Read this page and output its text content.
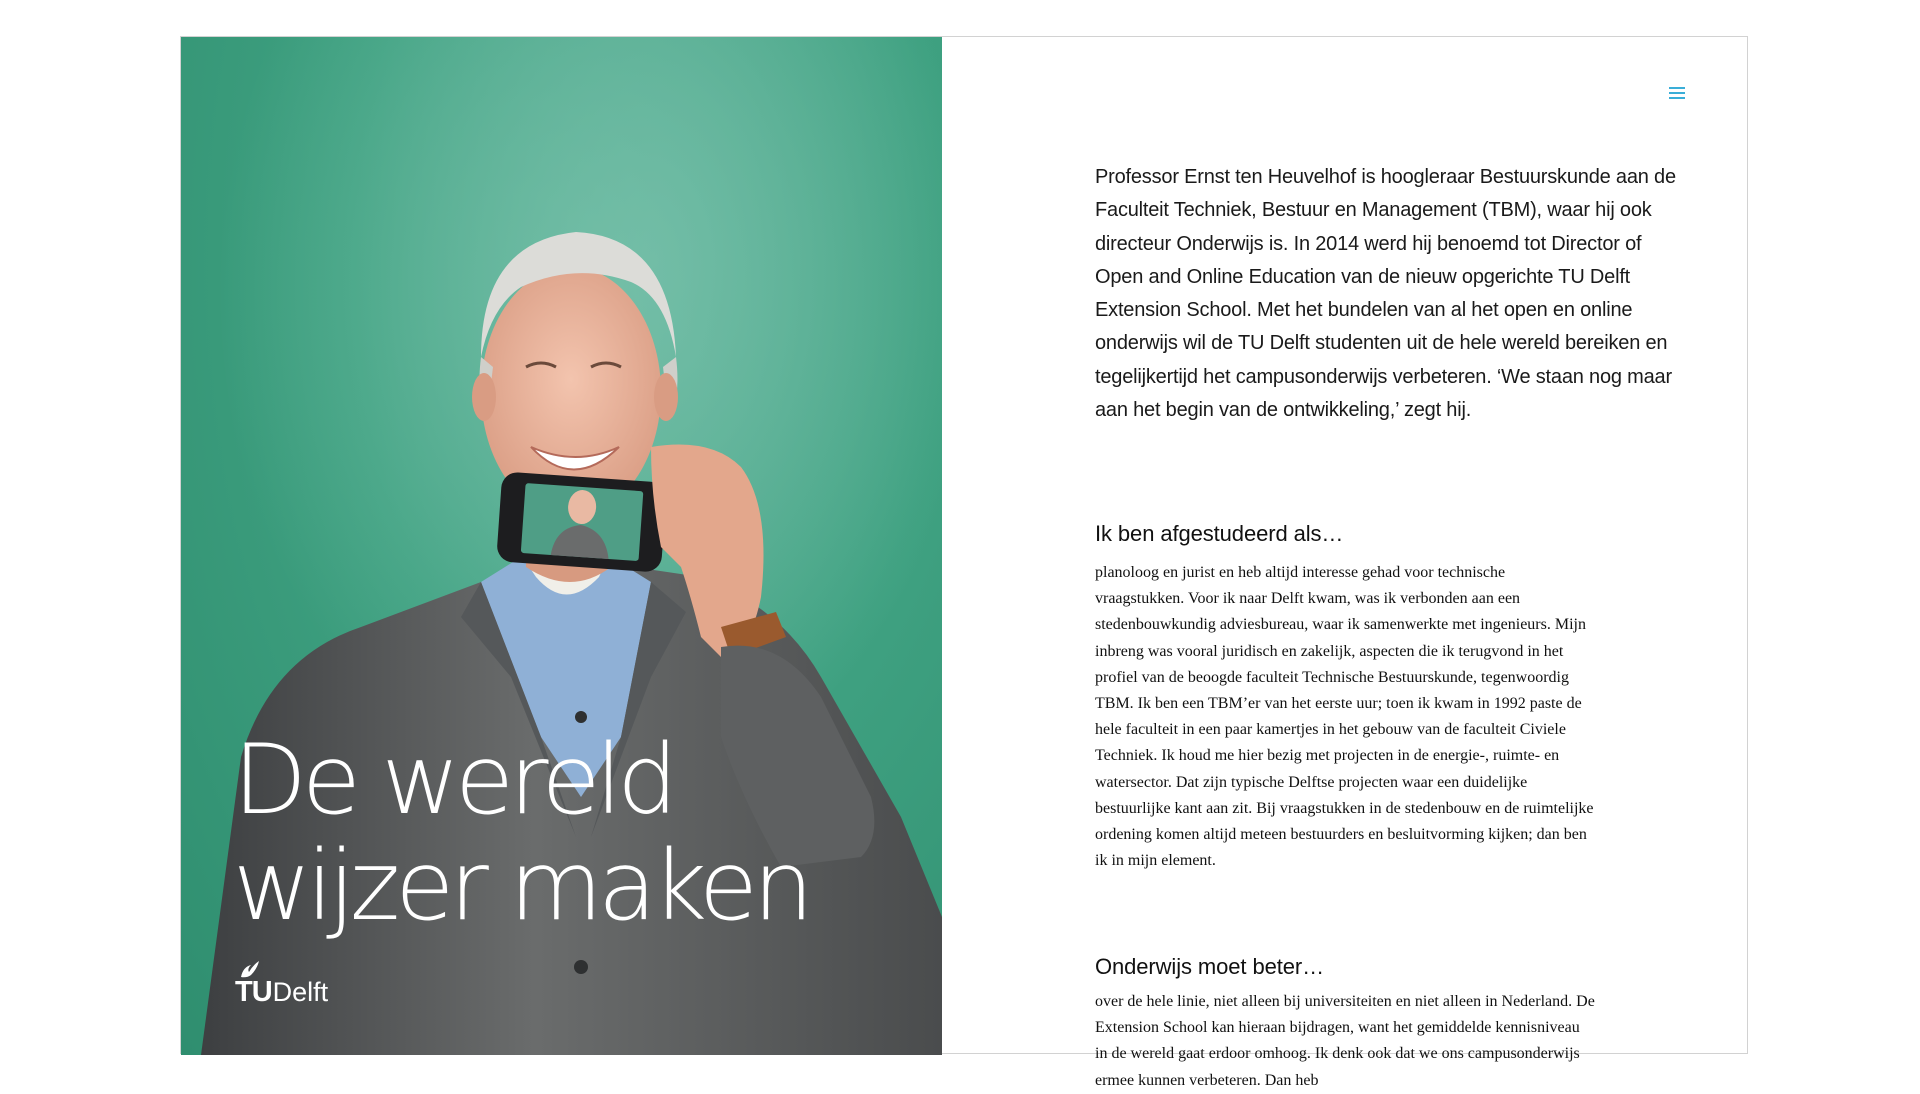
De wereld
wijzer maken
TU Delft

Professor Ernst ten Heuvelhof is hoogleraar Bestuurskunde aan de Faculteit Techniek, Bestuur en Management (TBM), waar hij ook directeur Onderwijs is. In 2014 werd hij benoemd tot Director of Open and Online Education van de nieuw opgerichte TU Delft Extension School. Met het bundelen van al het open en online onderwijs wil de TU Delft studenten uit de hele wereld bereiken en tegelijkertijd het campusonderwijs verbeteren. ‘We staan nog maar aan het begin van de ontwikkeling,’ zegt hij.

Ik ben afgestudeerd als…

planoloog en jurist en heb altijd interesse gehad voor technische vraagstukken. Voor ik naar Delft kwam, was ik verbonden aan een stedenbouwkundig adviesbureau, waar ik samenwerkte met ingenieurs. Mijn inbreng was vooral juridisch en zakelijk, aspecten die ik terugvond in het profiel van de beoogde faculteit Technische Bestuurskunde, tegenwoordig TBM. Ik ben een TBM’er van het eerste uur; toen ik kwam in 1992 paste de hele faculteit in een paar kamertjes in het gebouw van de faculteit Civiele Techniek. Ik houd me hier bezig met projecten in de energie-, ruimte- en watersector. Dat zijn typische Delftse projecten waar een duidelijke bestuurlijke kant aan zit. Bij vraagstukken in de stedenbouw en de ruimtelijke ordening komen altijd meteen bestuurders en besluitvorming kijken; dan ben ik in mijn element.

Onderwijs moet beter…

over de hele linie, niet alleen bij universiteiten en niet alleen in Nederland. De Extension School kan hieraan bijdragen, want het gemiddelde kennisniveau in de wereld gaat erdoor omhoog. Ik denk ook dat we ons campusonderwijs ermee kunnen verbeteren. Dan heb
